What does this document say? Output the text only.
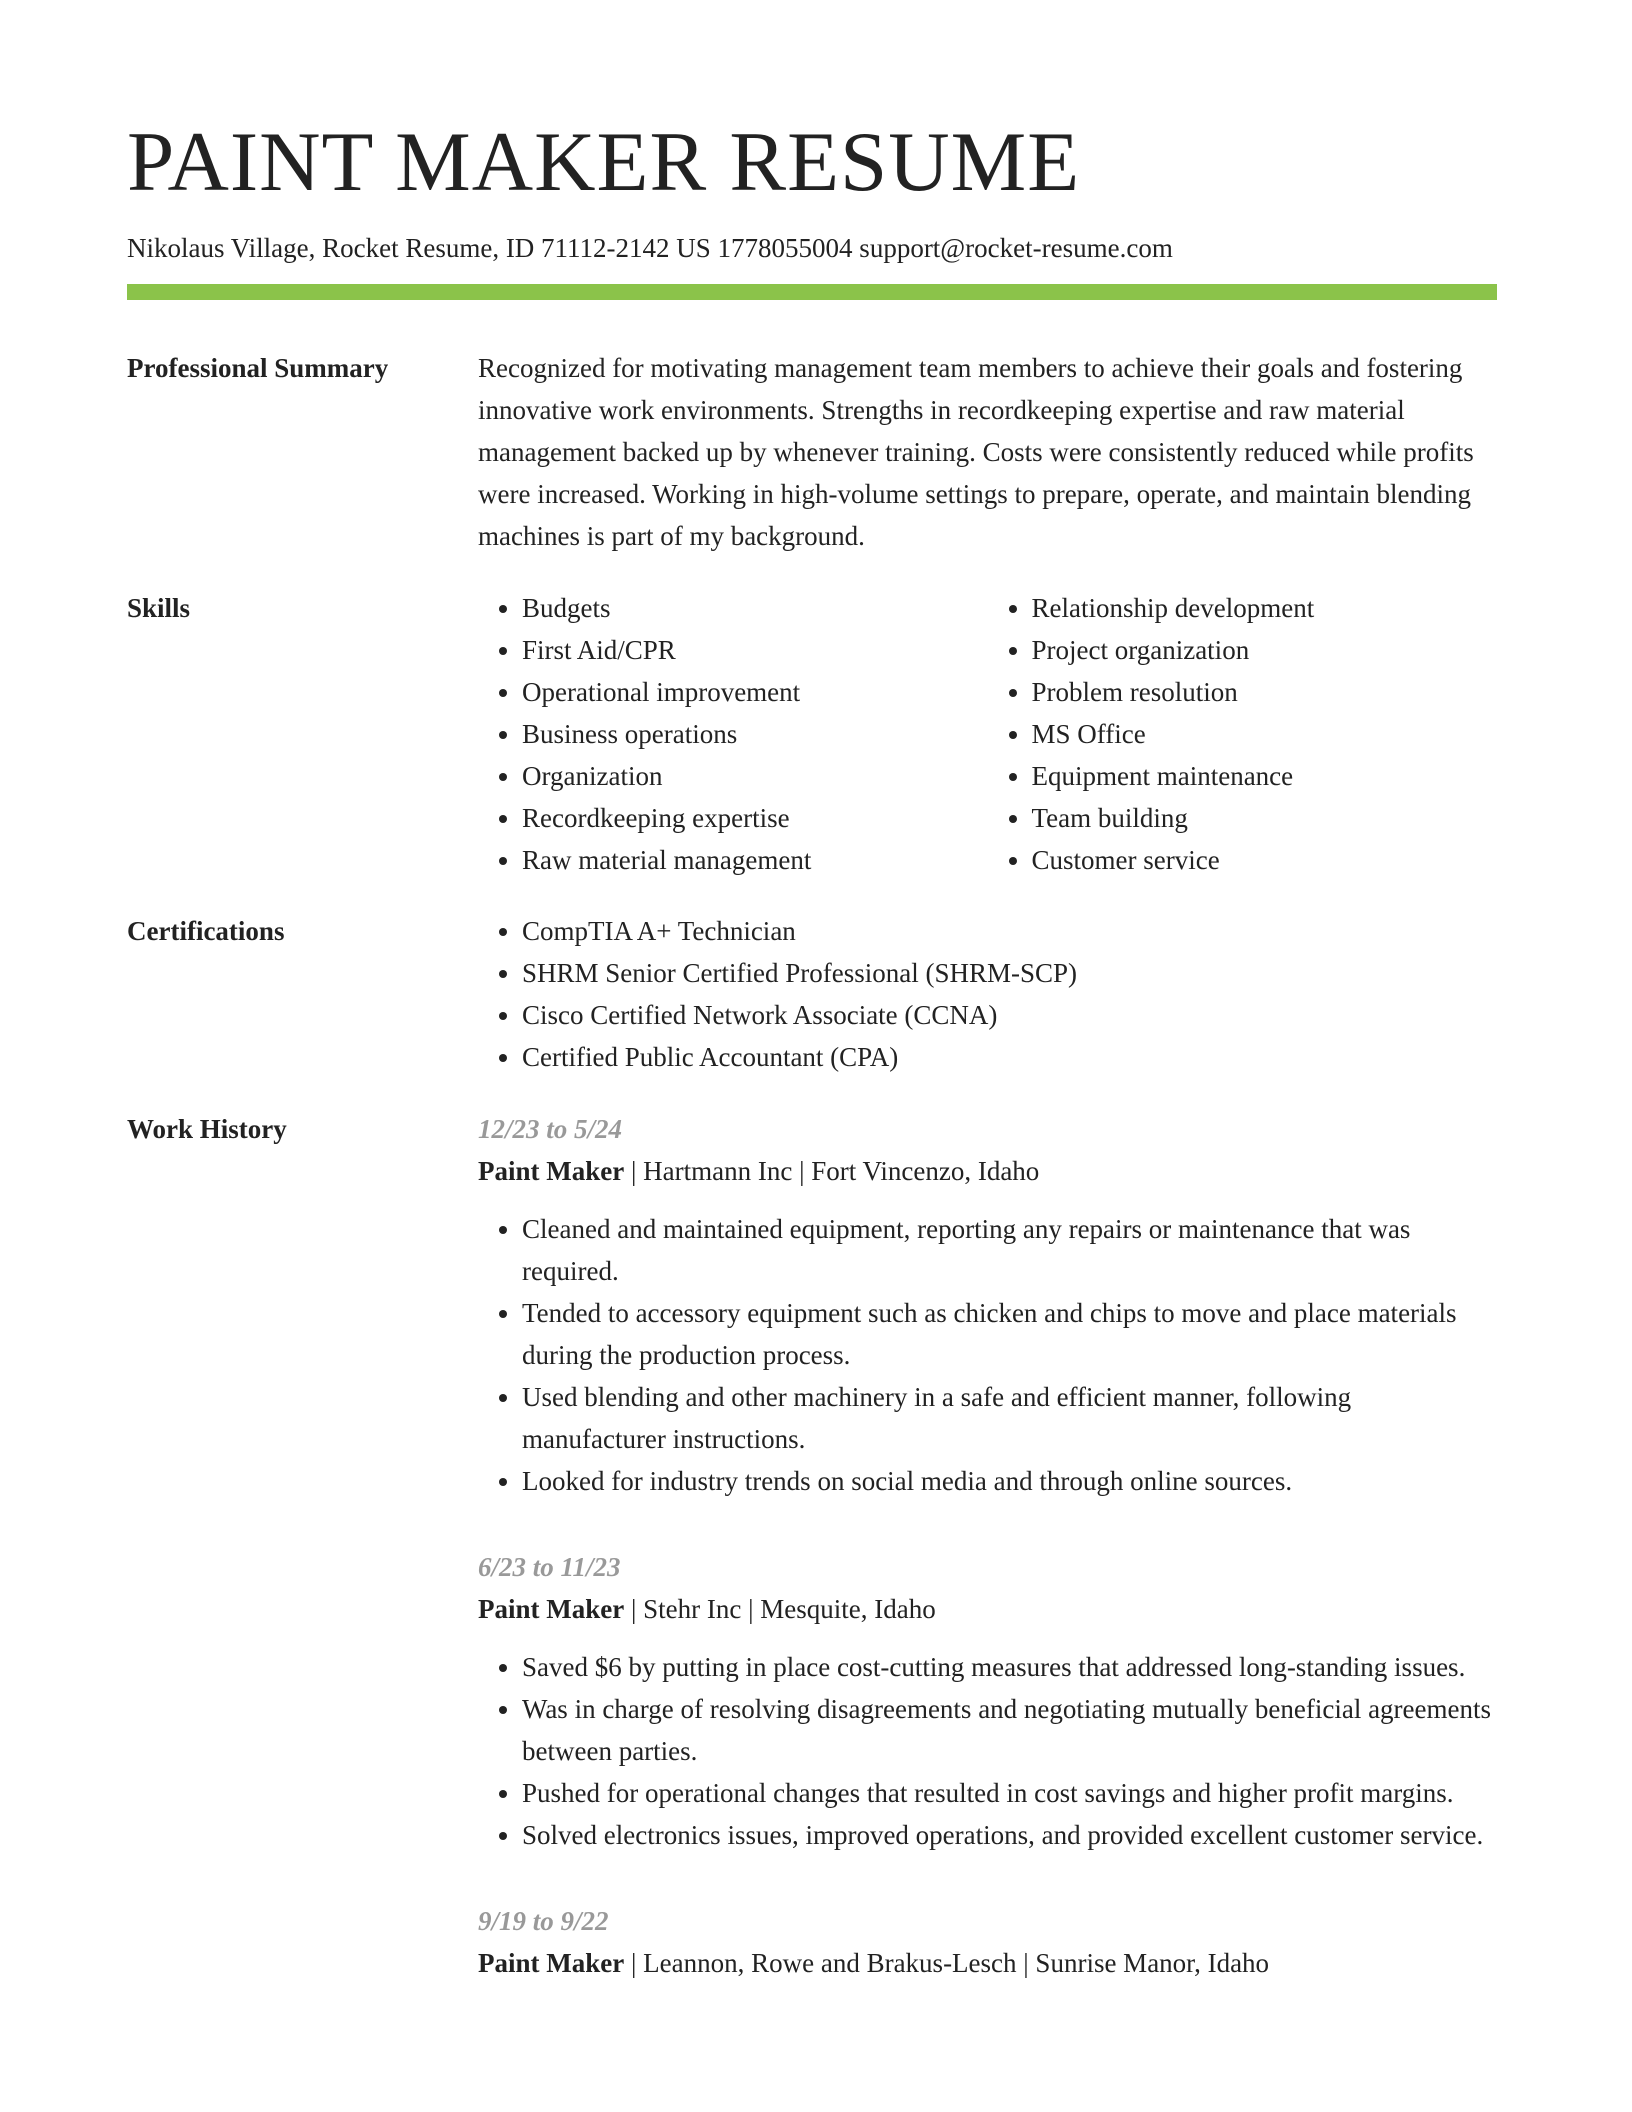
PAINT MAKER RESUME
Nikolaus Village, Rocket Resume, ID 71112-2142 US 1778055004 support@rocket-resume.com
Professional Summary	Recognized for motivating management team members to achieve their goals and fostering innovative work environments. Strengths in recordkeeping expertise and raw material management backed up by whenever training. Costs were consistently reduced while profits were increased. Working in high-volume settings to prepare, operate, and maintain blending machines is part of my background.

Skills	• Budgets
• First Aid/CPR
• Operational improvement
• Business operations
• Organization
• Recordkeeping expertise
• Raw material management
• Relationship development
• Project organization
• Problem resolution
• MS Office
• Equipment maintenance
• Team building
• Customer service
Certifications	• CompTIA A+ Technician
• SHRM Senior Certified Professional (SHRM-SCP)
• Cisco Certified Network Associate (CCNA)
• Certified Public Accountant (CPA)
Work History	12/23 to 5/24
Paint Maker | Hartmann Inc | Fort Vincenzo, Idaho
• Cleaned and maintained equipment, reporting any repairs or maintenance that was required.
• Tended to accessory equipment such as chicken and chips to move and place materials during the production process.
• Used blending and other machinery in a safe and efficient manner, following manufacturer instructions.
• Looked for industry trends on social media and through online sources.
6/23 to 11/23
Paint Maker | Stehr Inc | Mesquite, Idaho
• Saved $6 by putting in place cost-cutting measures that addressed long-standing issues.
• Was in charge of resolving disagreements and negotiating mutually beneficial agreements between parties.
• Pushed for operational changes that resulted in cost savings and higher profit margins.
• Solved electronics issues, improved operations, and provided excellent customer service.
9/19 to 9/22
Paint Maker | Leannon, Rowe and Brakus-Lesch | Sunrise Manor, Idaho
